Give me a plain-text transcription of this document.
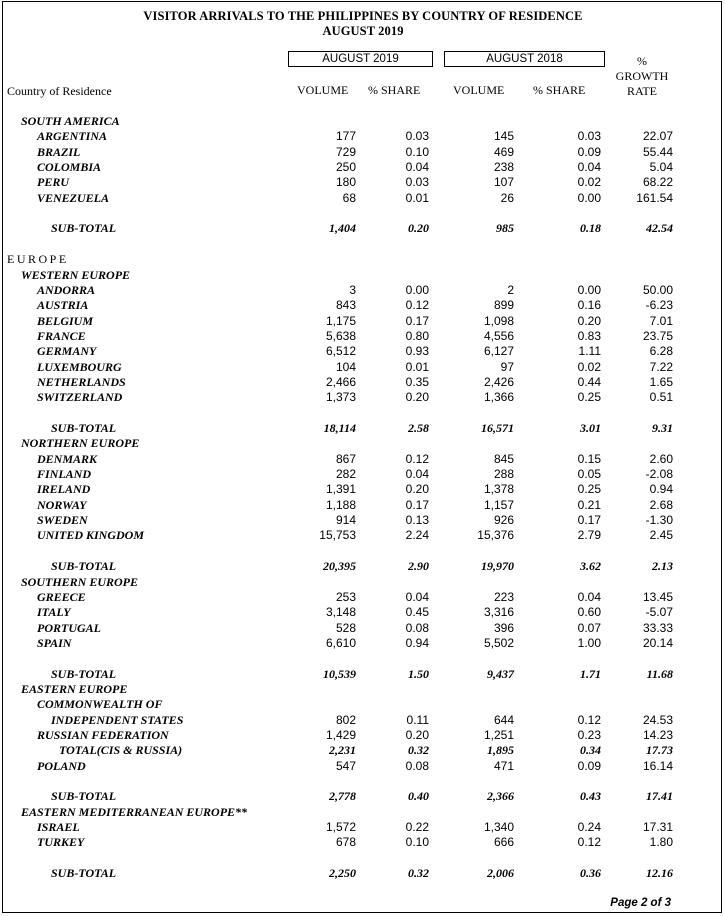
VISITOR ARRIVALS TO THE PHILIPPINES BY COUNTRY OF RESIDENCE
AUGUST 2019
AUGUST 2019	AUGUST 2018	%
GROWTH
RATE
Country of Residence	VOLUME % SHARE	VOLUME % SHARE
SOUTH AMERICA
ARGENTINA	177	0.03	145	0.03	22.07
BRAZIL	729	0.10	469	0.09	55.44
COLOMBIA	250	0.04	238	0.04	5.04
PERU	180	0.03	107	0.02	68.22
VENEZUELA	68	0.01	26	0.00	161.54
SUB-TOTAL	1,404	0.20	985	0.18	42.54
EUROPE
WESTERN EUROPE
ANDORRA	3	0.00	2	0.00	50.00
AUSTRIA	843	0.12	899	0.16	-6.23
BELGIUM	1,175	0.17	1,098	0.20	7.01
FRANCE	5,638	0.80	4,556	0.83	23.75
GERMANY	6,512	0.93	6,127	1.11	6.28
LUXEMBOURG	104	0.01	97	0.02	7.22
NETHERLANDS	2,466	0.35	2,426	0.44	1.65
SWITZERLAND	1,373	0.20	1,366	0.25	0.51
SUB-TOTAL	18,114	2.58	16,571	3.01	9.31
NORTHERN EUROPE
DENMARK	867	0.12	845	0.15	2.60
FINLAND	282	0.04	288	0.05	-2.08
IRELAND	1,391	0.20	1,378	0.25	0.94
NORWAY	1,188	0.17	1,157	0.21	2.68
SWEDEN	914	0.13	926	0.17	-1.30
UNITED KINGDOM	15,753	2.24	15,376	2.79	2.45
SUB-TOTAL	20,395	2.90	19,970	3.62	2.13
SOUTHERN EUROPE
GREECE	253	0.04	223	0.04	13.45
ITALY	3,148	0.45	3,316	0.60	-5.07
PORTUGAL	528	0.08	396	0.07	33.33
SPAIN	6,610	0.94	5,502	1.00	20.14
SUB-TOTAL	10,539	1.50	9,437	1.71	11.68
EASTERN EUROPE
COMMONWEALTH OF
INDEPENDENT STATES	802	0.11	644	0.12	24.53
RUSSIAN FEDERATION	1,429	0.20	1,251	0.23	14.23
TOTAL(CIS & RUSSIA)	2,231	0.32	1,895	0.34	17.73
POLAND	547	0.08	471	0.09	16.14
SUB-TOTAL	2,778	0.40	2,366	0.43	17.41
EASTERN MEDITERRANEAN EUROPE**
ISRAEL	1,572	0.22	1,340	0.24	17.31
TURKEY	678	0.10	666	0.12	1.80
SUB-TOTAL	2,250	0.32	2,006	0.36	12.16
Page 2 of 3
